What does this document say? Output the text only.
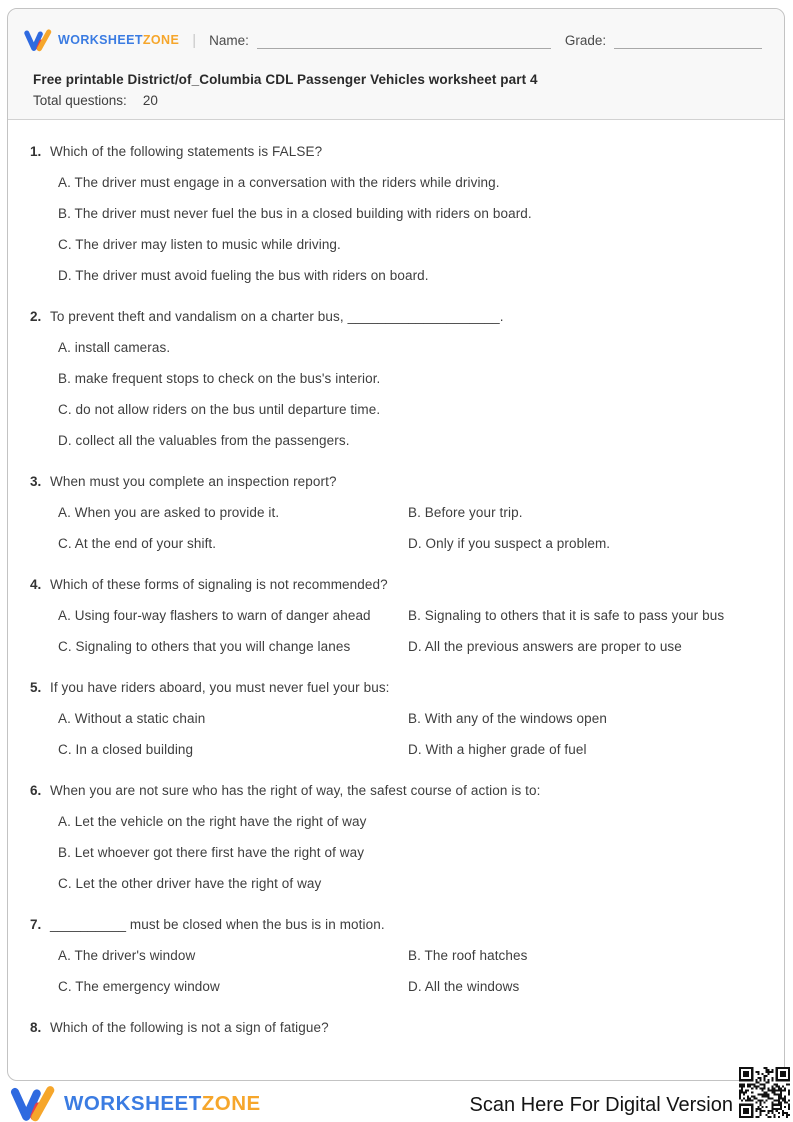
WORKSHEET ZONE | Name:	Grade:
Free printable District/of_Columbia CDL Passenger Vehicles worksheet part 4
Total questions: 20
1. Which of the following statements is FALSE?
A. The driver must engage in a conversation with the riders while driving.
B. The driver must never fuel the bus in a closed building with riders on board.
C. The driver may listen to music while driving.
D. The driver must avoid fueling the bus with riders on board.
2. To prevent theft and vandalism on a charter bus, ____________________.
A. install cameras.
B. make frequent stops to check on the bus's interior.
C. do not allow riders on the bus until departure time.
D. collect all the valuables from the passengers.
3. When must you complete an inspection report?
A. When you are asked to provide it.	B. Before your trip.
C. At the end of your shift.	D. Only if you suspect a problem.
4. Which of these forms of signaling is not recommended?
A. Using four-way flashers to warn of danger ahead	B. Signaling to others that it is safe to pass your bus
C. Signaling to others that you will change lanes	D. All the previous answers are proper to use
5. If you have riders aboard, you must never fuel your bus:
A. Without a static chain	B. With any of the windows open
C. In a closed building	D. With a higher grade of fuel
6. When you are not sure who has the right of way, the safest course of action is to:
A. Let the vehicle on the right have the right of way
B. Let whoever got there first have the right of way
C. Let the other driver have the right of way
7. __________ must be closed when the bus is in motion.
A. The driver's window	B. The roof hatches
C. The emergency window	D. All the windows
8. Which of the following is not a sign of fatigue?
WORKSHEET ZONE	Scan Here For Digital Version
